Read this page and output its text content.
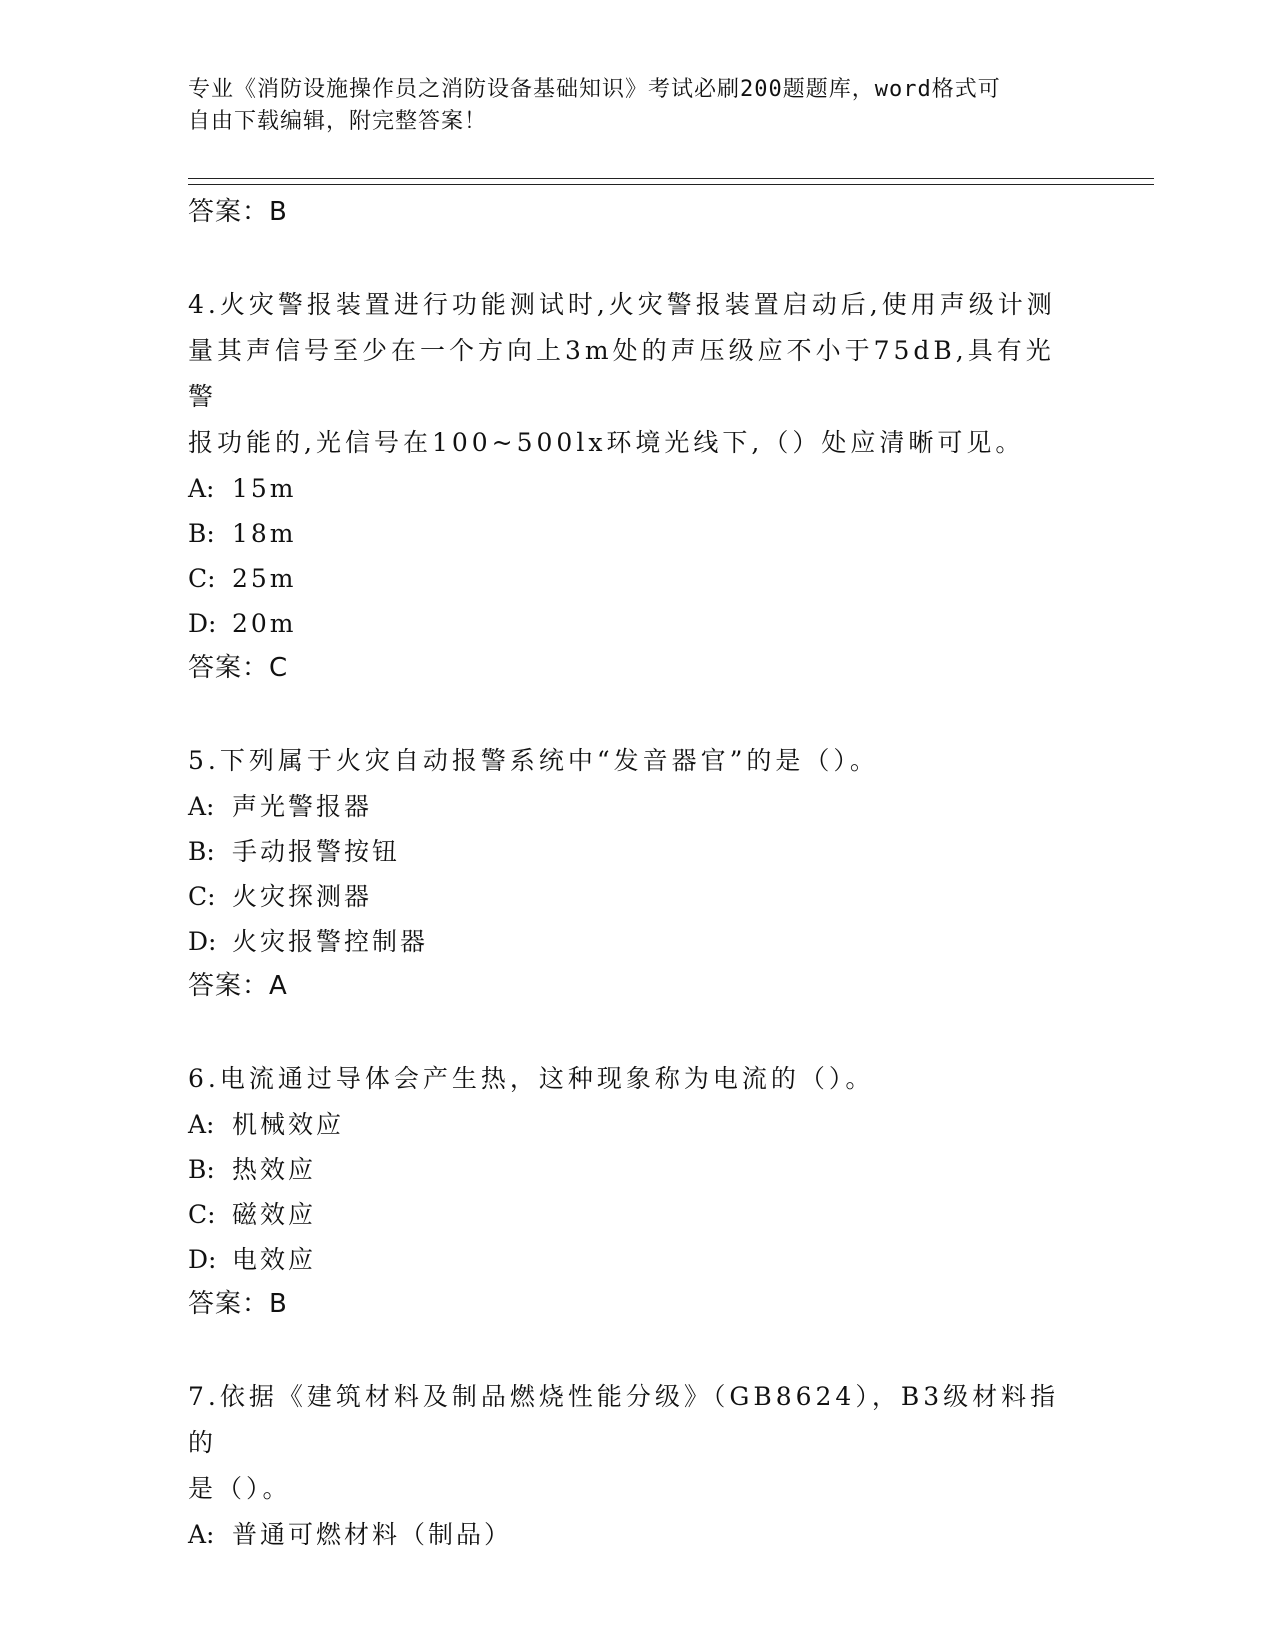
专业《消防设施操作员之消防设备基础知识》考试必刷200题题库，word格式可
自由下载编辑，附完整答案！
答案：B
4.火灾警报装置进行功能测试时,火灾警报装置启动后,使用声级计测
量其声信号至少在一个方向上3m处的声压级应不小于75dB,具有光警
报功能的,光信号在100~500lx环境光线下,（）处应清晰可见。
A: 15m
B: 18m
C: 25m
D: 20m
答案：C
5.下列属于火灾自动报警系统中“发音器官”的是（）。
A: 声光警报器
B: 手动报警按钮
C: 火灾探测器
D: 火灾报警控制器
答案：A
6.电流通过导体会产生热，这种现象称为电流的（）。
A: 机械效应
B: 热效应
C: 磁效应
D: 电效应
答案：B
7.依据《建筑材料及制品燃烧性能分级》（GB8624），B3级材料指的
是（）。
A: 普通可燃材料（制品）
